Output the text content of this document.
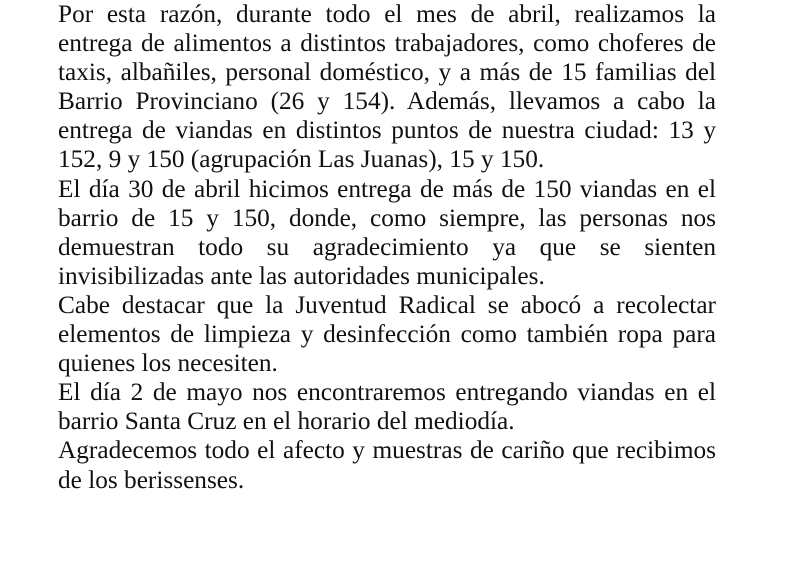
Por esta razón, durante todo el mes de abril, realizamos la entrega de alimentos a distintos trabajadores, como choferes de taxis, albañiles, personal doméstico, y a más de 15 familias del Barrio Provinciano (26 y 154). Además, llevamos a cabo la entrega de viandas en distintos puntos de nuestra ciudad: 13 y 152, 9 y 150 (agrupación Las Juanas), 15 y 150.

El día 30 de abril hicimos entrega de más de 150 viandas en el barrio de 15 y 150, donde, como siempre, las personas nos demuestran todo su agradecimiento ya que se sienten invisibilizadas ante las autoridades municipales.

Cabe destacar que la Juventud Radical se abocó a recolectar elementos de limpieza y desinfección como también ropa para quienes los necesiten.

El día 2 de mayo nos encontraremos entregando viandas en el barrio Santa Cruz en el horario del mediodía.

Agradecemos todo el afecto y muestras de cariño que recibimos de los berissenses.
